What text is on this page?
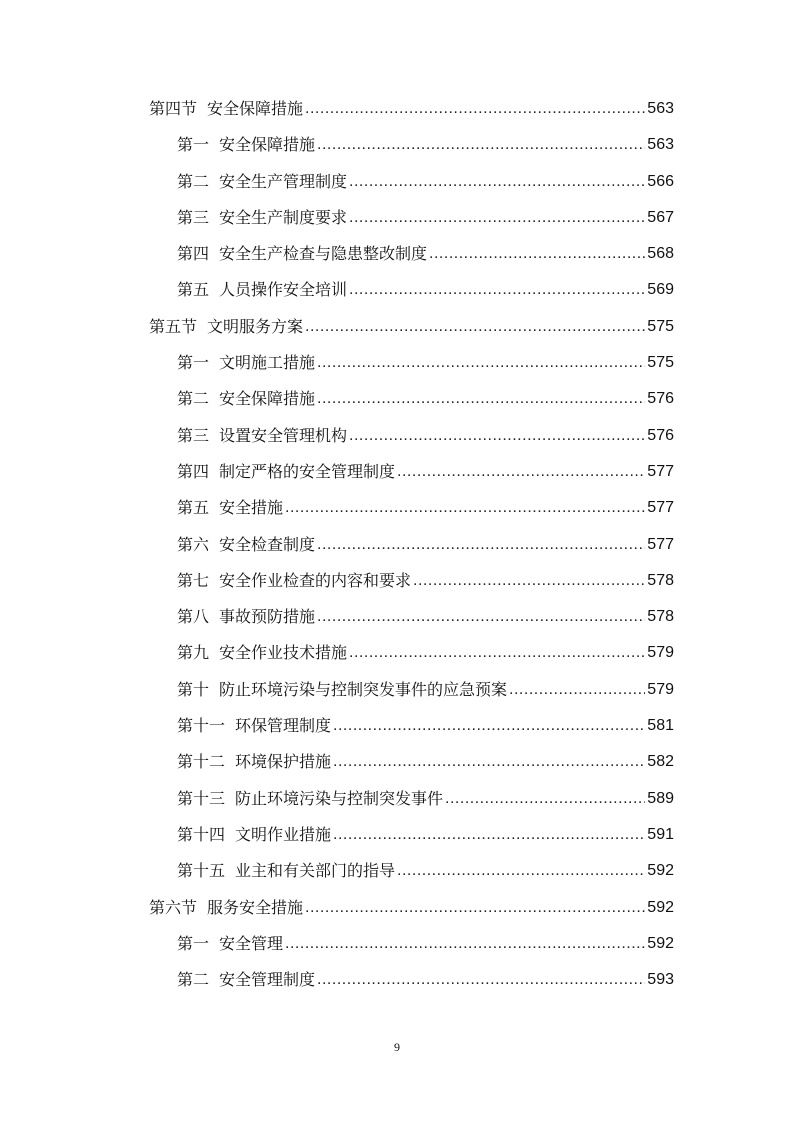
第四节 安全保障措施 .....	563
第一 安全保障措施 .....	563
第二 安全生产管理制度 .....	566
第三 安全生产制度要求 .....	567
第四 安全生产检查与隐患整改制度 .....	568
第五 人员操作安全培训 .....	569
第五节 文明服务方案 .....	575
第一 文明施工措施 .....	575
第二 安全保障措施 .....	576
第三 设置安全管理机构 .....	576
第四 制定严格的安全管理制度 .....	577
第五 安全措施 .....	577
第六 安全检查制度 .....	577
第七 安全作业检查的内容和要求 .....	578
第八 事故预防措施 .....	578
第九 安全作业技术措施 .....	579
第十 防止环境污染与控制突发事件的应急预案 .....	579
第十一 环保管理制度 .....	581
第十二 环境保护措施 .....	582
第十三 防止环境污染与控制突发事件 .....	589
第十四 文明作业措施 .....	591
第十五 业主和有关部门的指导 .....	592
第六节 服务安全措施 .....	592
第一 安全管理 .....	592
第二 安全管理制度 .....	593
9
